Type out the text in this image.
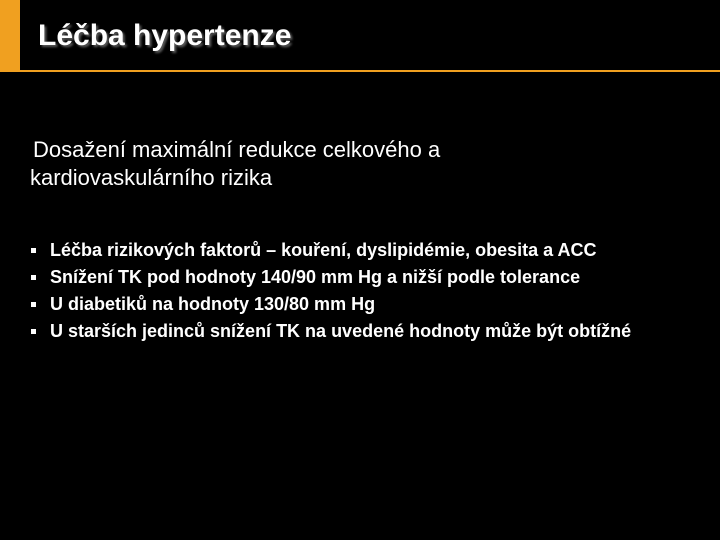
Léčba hypertenze

Dosažení maximální redukce celkového a kardiovaskulárního rizika

Léčba rizikových faktorů – kouření, dyslipidémie, obesita a ACC
Snížení TK pod hodnoty 140/90 mm Hg a nižší podle tolerance
U diabetiků na hodnoty 130/80 mm Hg
U starších jedinců snížení TK na uvedené hodnoty může být obtížné
